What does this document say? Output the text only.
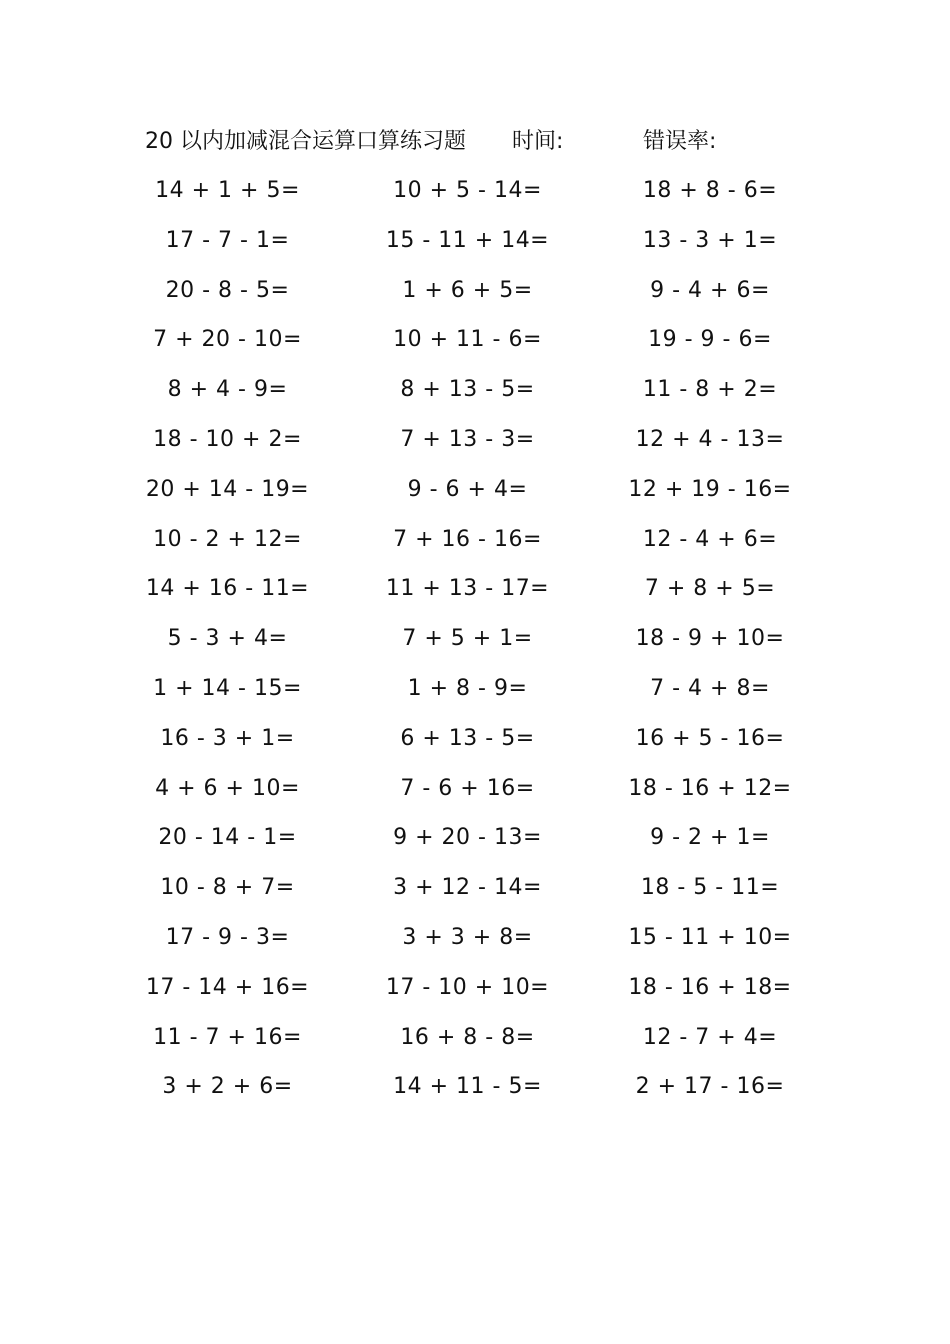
20 以内加减混合运算口算练习题 时间:	错误率:
14 + 1 + 5=	10 + 5 - 14=	18 + 8 - 6=
17 - 7 - 1=	15 - 11 + 14=	13 - 3 + 1=
20 - 8 - 5=	1 + 6 + 5=	9 - 4 + 6=
7 + 20 - 10=	10 + 11 - 6=	19 - 9 - 6=
8 + 4 - 9=	8 + 13 - 5=	11 - 8 + 2=
18 - 10 + 2=	7 + 13 - 3=	12 + 4 - 13=
20 + 14 - 19=	9 - 6 + 4=	12 + 19 - 16=
10 - 2 + 12=	7 + 16 - 16=	12 - 4 + 6=
14 + 16 - 11=	11 + 13 - 17=	7 + 8 + 5=
5 - 3 + 4=	7 + 5 + 1=	18 - 9 + 10=
1 + 14 - 15=	1 + 8 - 9=	7 - 4 + 8=
16 - 3 + 1=	6 + 13 - 5=	16 + 5 - 16=
4 + 6 + 10=	7 - 6 + 16=	18 - 16 + 12=
20 - 14 - 1=	9 + 20 - 13=	9 - 2 + 1=
10 - 8 + 7=	3 + 12 - 14=	18 - 5 - 11=
17 - 9 - 3=	3 + 3 + 8=	15 - 11 + 10=
17 - 14 + 16=	17 - 10 + 10=	18 - 16 + 18=
11 - 7 + 16=	16 + 8 - 8=	12 - 7 + 4=
3 + 2 + 6=	14 + 11 - 5=	2 + 17 - 16=
